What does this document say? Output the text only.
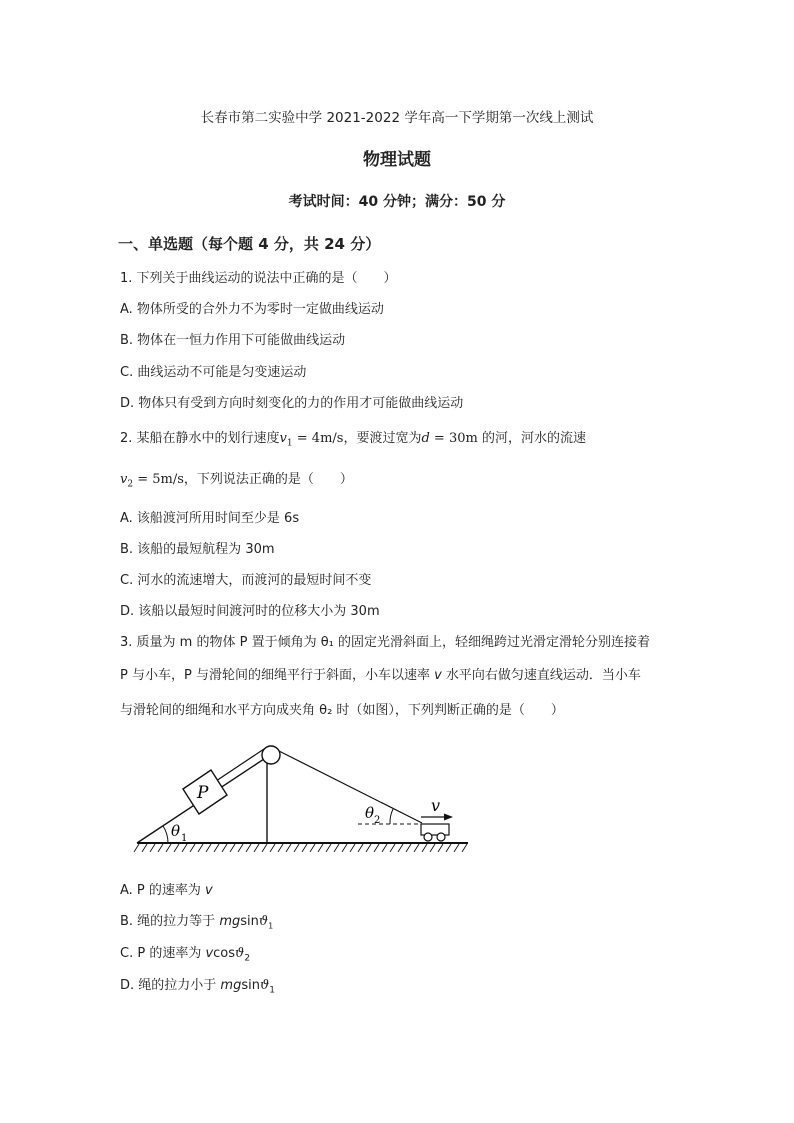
长春市第二实验中学 2021-2022 学年高一下学期第一次线上测试
物理试题
考试时间：40 分钟；满分：50 分
一、单选题（每个题 4 分，共 24 分）
1. 下列关于曲线运动的说法中正确的是（　　）
A. 物体所受的合外力不为零时一定做曲线运动
B. 物体在一恒力作用下可能做曲线运动
C. 曲线运动不可能是匀变速运动
D. 物体只有受到方向时刻变化的力的作用才可能做曲线运动
2. 某船在静水中的划行速度$v_1 = 4m/s$，要渡过宽为d = 30m 的河，河水的流速
$v_2 = 5m/s$，下列说法正确的是（　　）
A. 该船渡河所用时间至少是 6s
B. 该船的最短航程为 30m
C. 河水的流速增大，而渡河的最短时间不变
D. 该船以最短时间渡河时的位移大小为 30m
3. 质量为 m 的物体 P 置于倾角为 θ₁ 的固定光滑斜面上，轻细绳跨过光滑定滑轮分别连接着
P 与小车，P 与滑轮间的细绳平行于斜面，小车以速率 v 水平向右做匀速直线运动．当小车
与滑轮间的细绳和水平方向成夹角 θ₂ 时（如图），下列判断正确的是（　　）
P
θ 1
θ 2
v
A. P 的速率为 v
B. 绳的拉力等于 mgsinϑ$_1$
C. P 的速率为 vcosϑ$_2$
D. 绳的拉力小于 mgsinϑ$_1$
